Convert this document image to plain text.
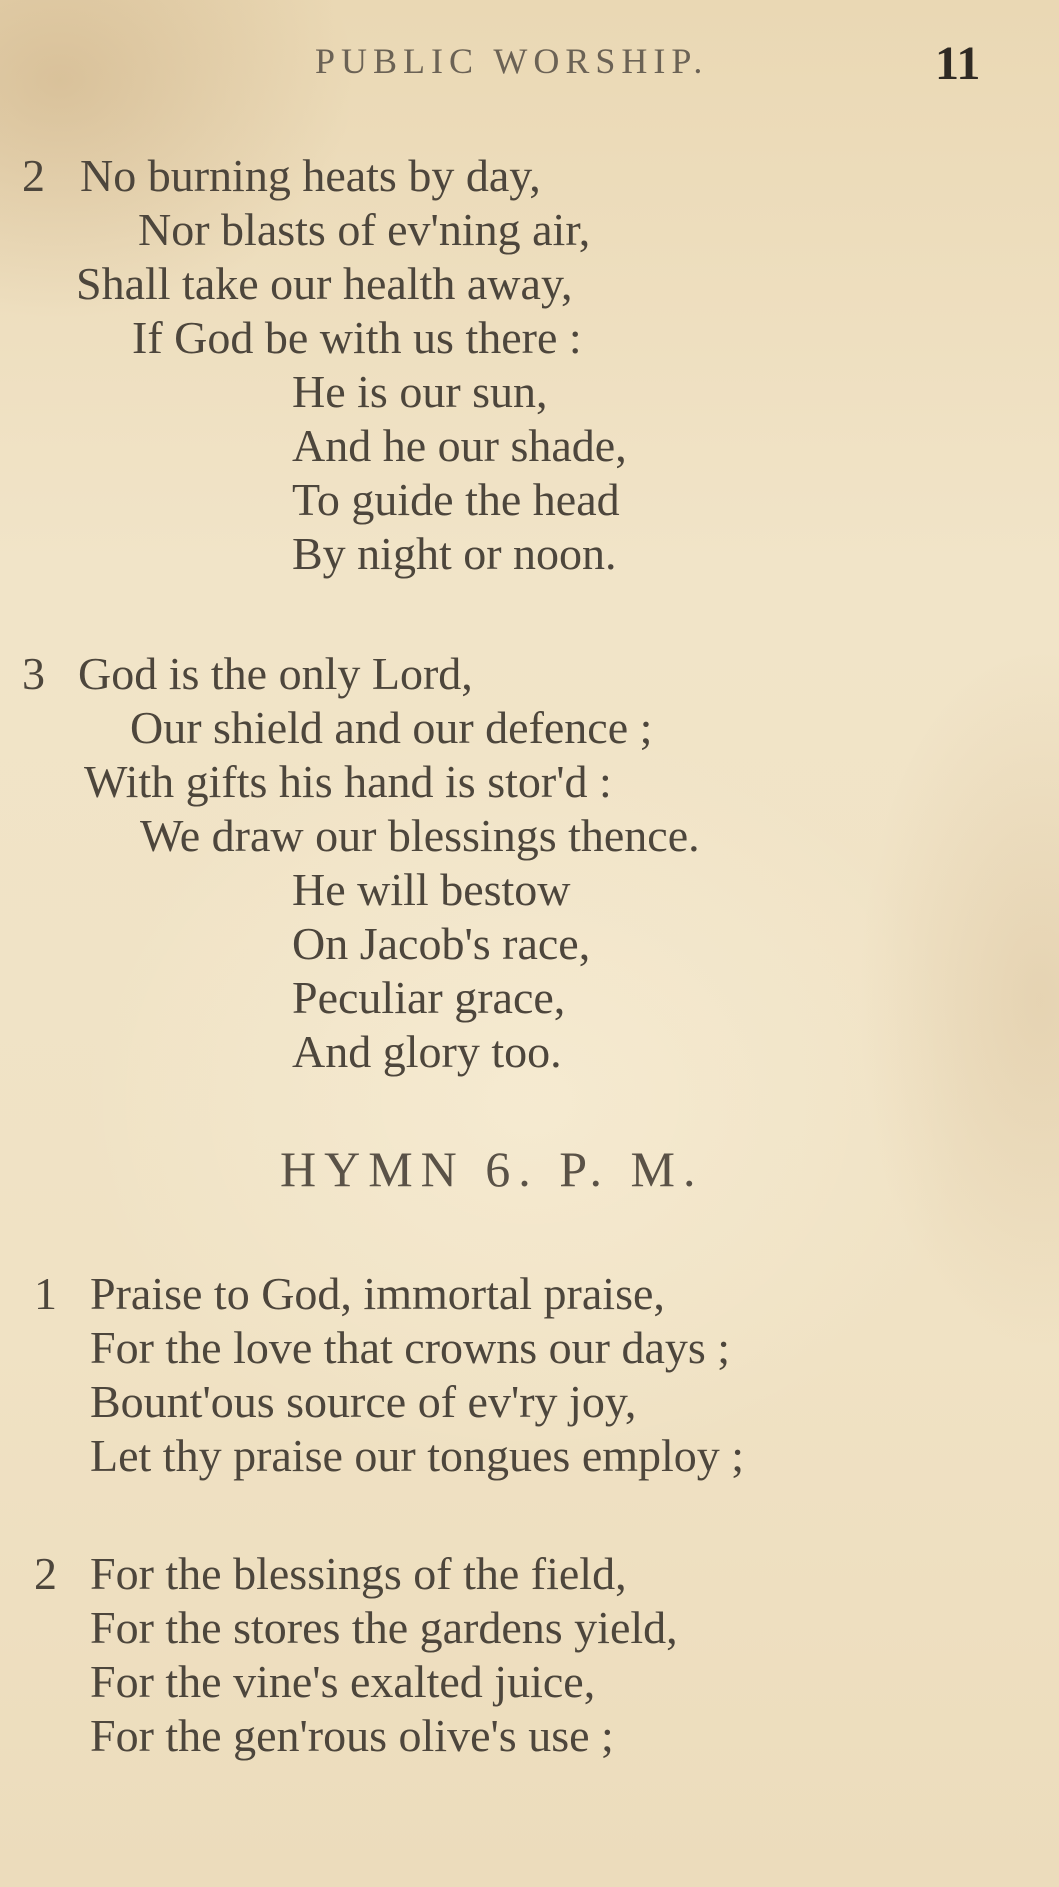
PUBLIC WORSHIP.	11
2 No burning heats by day,
Nor blasts of ev'ning air,
Shall take our health away,
If God be with us there :
He is our sun,
And he our shade,
To guide the head
By night or noon.
3 God is the only Lord,
Our shield and our defence ;
With gifts his hand is stor'd :
We draw our blessings thence.
He will bestow
On Jacob's race,
Peculiar grace,
And glory too.
HYMN 6. P. M.
1 Praise to God, immortal praise,
For the love that crowns our days ;
Bount'ous source of ev'ry joy,
Let thy praise our tongues employ ;
2 For the blessings of the field,
For the stores the gardens yield,
For the vine's exalted juice,
For the gen'rous olive's use ;
